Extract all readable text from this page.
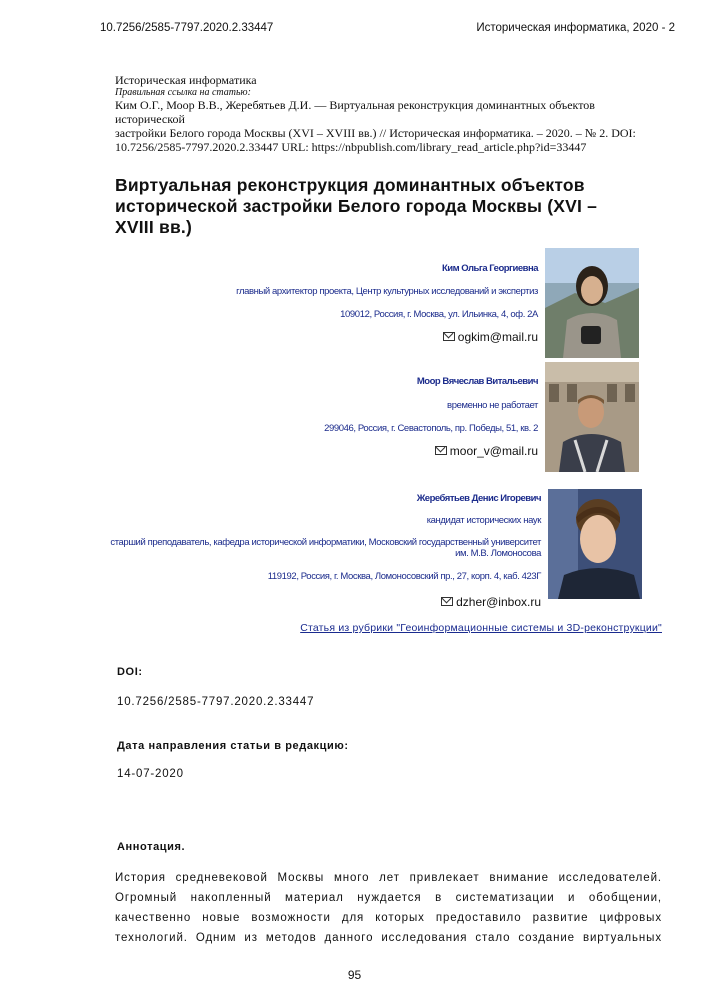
10.7256/2585-7797.2020.2.33447	Историческая информатика, 2020 - 2
Историческая информатика
Правильная ссылка на статью:
Ким О.Г., Моор В.В., Жеребятьев Д.И. — Виртуальная реконструкция доминантных объектов исторической
застройки Белого города Москвы (XVI – XVIII вв.) // Историческая информатика. – 2020. – № 2. DOI:
10.7256/2585-7797.2020.2.33447 URL: https://nbpublish.com/library_read_article.php?id=33447
Виртуальная реконструкция доминантных объектов
исторической застройки Белого города Москвы (XVI –
XVIII вв.)
Ким Ольга Георгиевна
главный архитектор проекта, Центр культурных исследований и экспертиз
109012, Россия, г. Москва, ул. Ильинка, 4, оф. 2А
ogkim@mail.ru
Моор Вячеслав Витальевич
временно не работает
299046, Россия, г. Севастополь, пр. Победы, 51, кв. 2
moor_v@mail.ru
Жеребятьев Денис Игоревич
кандидат исторических наук
старший преподаватель, кафедра исторической информатики, Московский государственный университет
им. М.В. Ломоносова
119192, Россия, г. Москва, Ломоносовский пр., 27, корп. 4, каб. 423Г
dzher@inbox.ru
Статья из рубрики "Геоинформационные системы и 3D-реконструкции"
DOI:
10.7256/2585-7797.2020.2.33447
Дата направления статьи в редакцию:
14-07-2020
Аннотация.

История средневековой Москвы много лет привлекает внимание исследователей.
Огромный накопленный материал нуждается в систематизации и обобщении,
качественно новые возможности для которых предоставило развитие цифровых
технологий. Одним из методов данного исследования стало создание виртуальных

95
